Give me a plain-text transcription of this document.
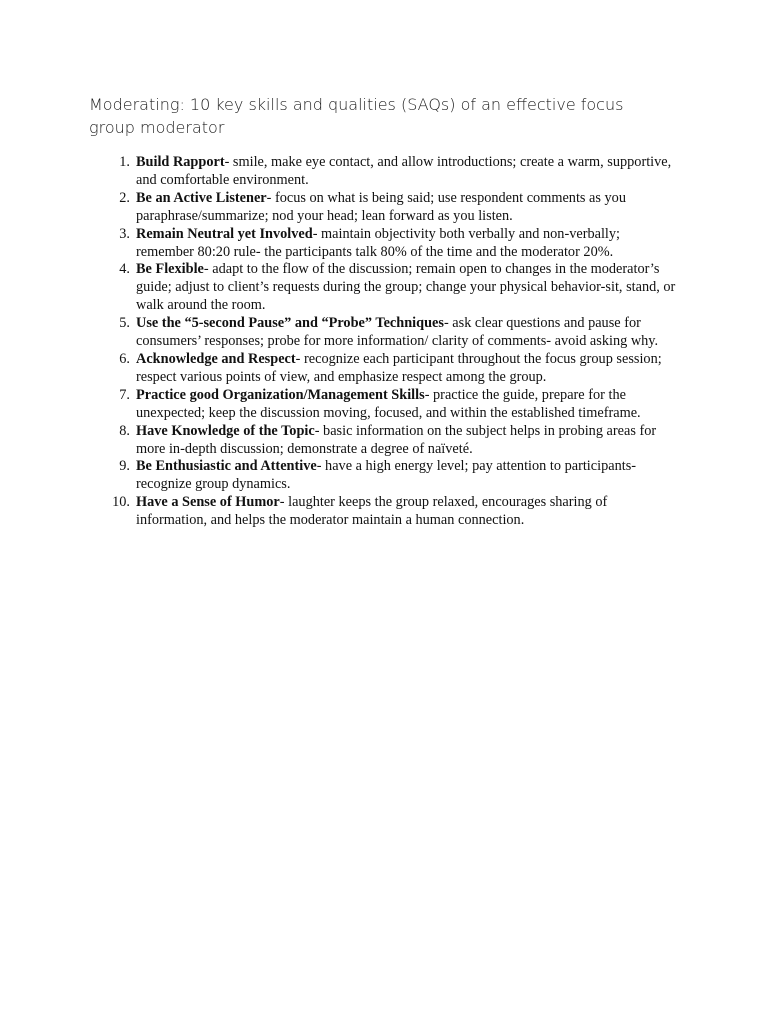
Moderating: 10 key skills and qualities (SAQs) of an effective focus group moderator
1 . Build Rapport- smile, make eye contact, and allow introductions; create a warm, supportive, and comfortable environment.
2 . Be an Active Listener- focus on what is being said; use respondent comments as you paraphrase/summarize; nod your head; lean forward as you listen.
3 . Remain Neutral yet Involved- maintain objectivity both verbally and non-verbally; remember 80:20 rule- the participants talk 80% of the time and the moderator 20%.
4 . Be Flexible- adapt to the flow of the discussion; remain open to changes in the moderator’s guide; adjust to client’s requests during the group; change your physical behavior-sit, stand, or walk around the room.
5 . Use the “5-second Pause” and “Probe” Techniques- ask clear questions and pause for consumers’ responses; probe for more information/ clarity of comments- avoid asking why.
6 . Acknowledge and Respect- recognize each participant throughout the focus group session; respect various points of view, and emphasize respect among the group.
7 . Practice good Organization/Management Skills- practice the guide, prepare for the unexpected; keep the discussion moving, focused, and within the established timeframe.
8 . Have Knowledge of the Topic- basic information on the subject helps in probing areas for more in-depth discussion; demonstrate a degree of naïveté.
9 . Be Enthusiastic and Attentive- have a high energy level; pay attention to participants- recognize group dynamics.
10 . Have a Sense of Humor- laughter keeps the group relaxed, encourages sharing of information, and helps the moderator maintain a human connection.
